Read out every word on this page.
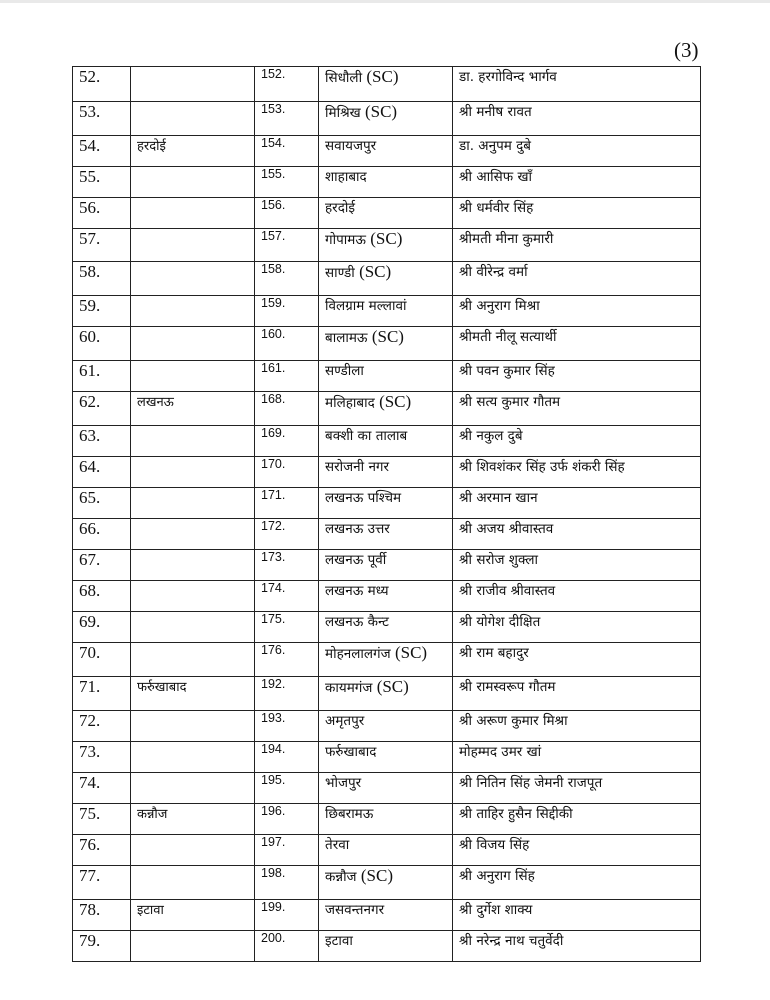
(3)
52.		152.	सिधौली (SC)	डा. हरगोविन्द भार्गव
53.		153.	मिश्रिख (SC)	श्री मनीष रावत
54.	हरदोई	154.	सवायजपुर	डा. अनुपम दुबे
55.		155.	शाहाबाद	श्री आसिफ खाँ
56.		156.	हरदोई	श्री धर्मवीर सिंह
57.		157.	गोपामऊ (SC)	श्रीमती मीना कुमारी
58.		158.	साण्डी (SC)	श्री वीरेन्द्र वर्मा
59.		159.	विलग्राम मल्लावां	श्री अनुराग मिश्रा
60.		160.	बालामऊ (SC)	श्रीमती नीलू सत्यार्थी
61.		161.	सण्डीला	श्री पवन कुमार सिंह
62.	लखनऊ	168.	मलिहाबाद (SC)	श्री सत्य कुमार गौतम
63.		169.	बक्शी का तालाब	श्री नकुल दुबे
64.		170.	सरोजनी नगर	श्री शिवशंकर सिंह उर्फ शंकरी सिंह
65.		171.	लखनऊ पश्चिम	श्री अरमान खान
66.		172.	लखनऊ उत्तर	श्री अजय श्रीवास्तव
67.		173.	लखनऊ पूर्वी	श्री सरोज शुक्ला
68.		174.	लखनऊ मध्य	श्री राजीव श्रीवास्तव
69.		175.	लखनऊ कैन्ट	श्री योगेश दीक्षित
70.		176.	मोहनलालगंज (SC)	श्री राम बहादुर
71.	फर्रुखाबाद	192.	कायमगंज (SC)	श्री रामस्वरूप गौतम
72.		193.	अमृतपुर	श्री अरूण कुमार मिश्रा
73.		194.	फर्रुखाबाद	मोहम्मद उमर खां
74.		195.	भोजपुर	श्री नितिन सिंह जेमनी राजपूत
75.	कन्नौज	196.	छिबरामऊ	श्री ताहिर हुसैन सिद्दीकी
76.		197.	तेरवा	श्री विजय सिंह
77.		198.	कन्नौज (SC)	श्री अनुराग सिंह
78.	इटावा	199.	जसवन्तनगर	श्री दुर्गेश शाक्य
79.		200.	इटावा	श्री नरेन्द्र नाथ चतुर्वेदी
